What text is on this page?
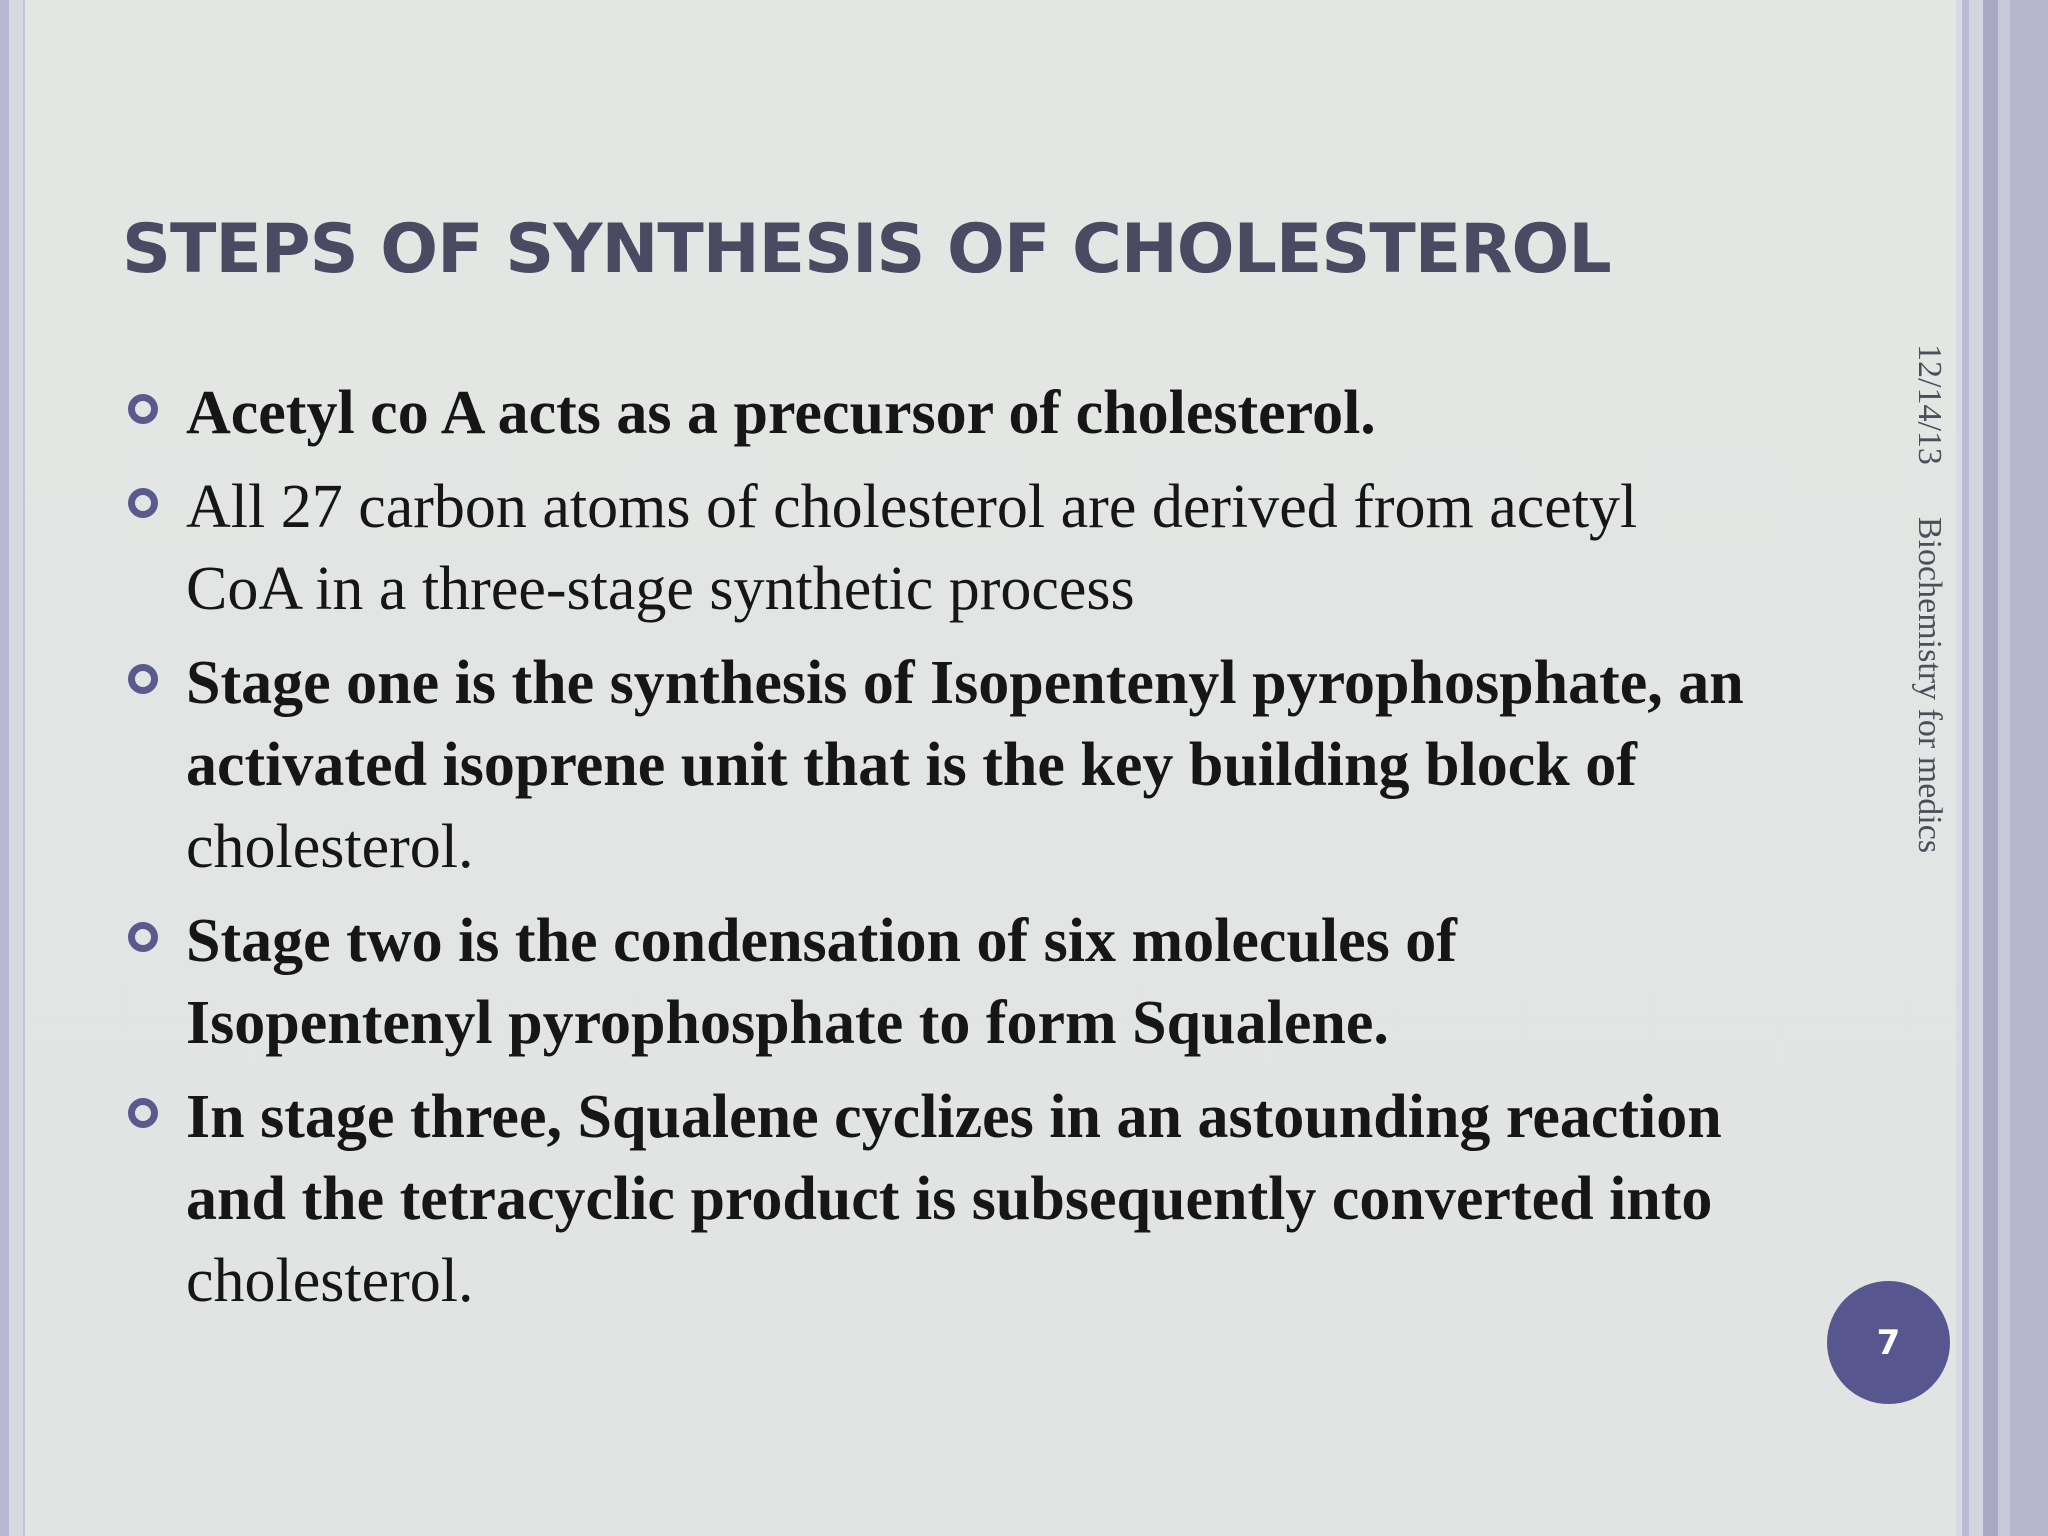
STEPS OF SYNTHESIS OF CHOLESTEROL
Acetyl co A acts as a precursor of cholesterol.
All 27 carbon atoms of cholesterol are derived from acetyl CoA in a three-stage synthetic process
Stage one is the synthesis of Isopentenyl pyrophosphate, an activated isoprene unit that is the key building block of cholesterol.
Stage two is the condensation of six molecules of Isopentenyl pyrophosphate to form Squalene.
In stage three, Squalene cyclizes in an astounding reaction and the tetracyclic product is subsequently converted into cholesterol.
12/14/13Biochemistry for medics
7
